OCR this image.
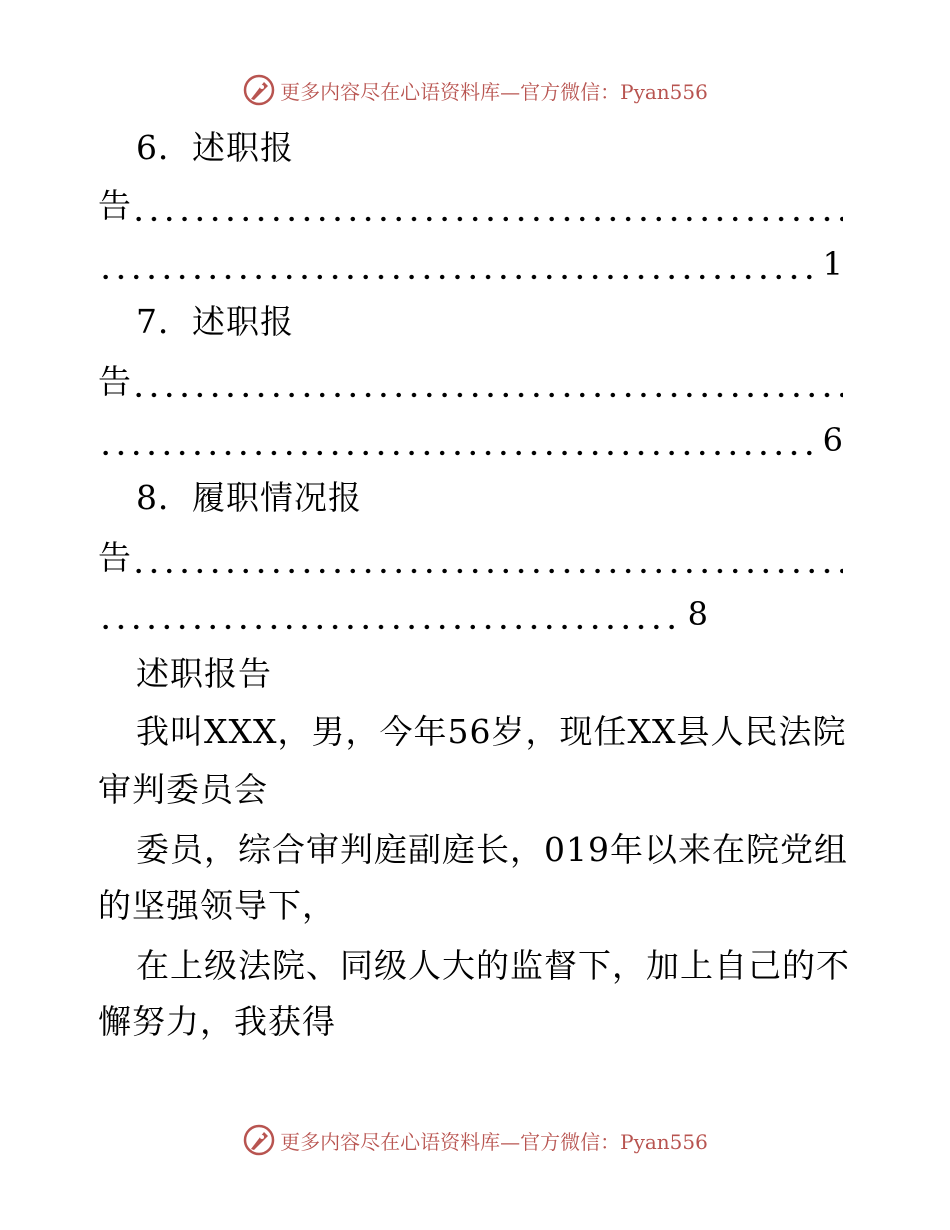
更多内容尽在心语资料库—官方微信：Pyan556
6．述职报
告
1
7．述职报
告
6
8．履职情况报
告
8
述职报告
我叫XXX，男，今年56岁，现任XX县人民法院
审判委员会
委员，综合审判庭副庭长，019年以来在院党组
的坚强领导下，
在上级法院、同级人大的监督下，加上自己的不
懈努力，我获得
更多内容尽在心语资料库—官方微信：Pyan556
